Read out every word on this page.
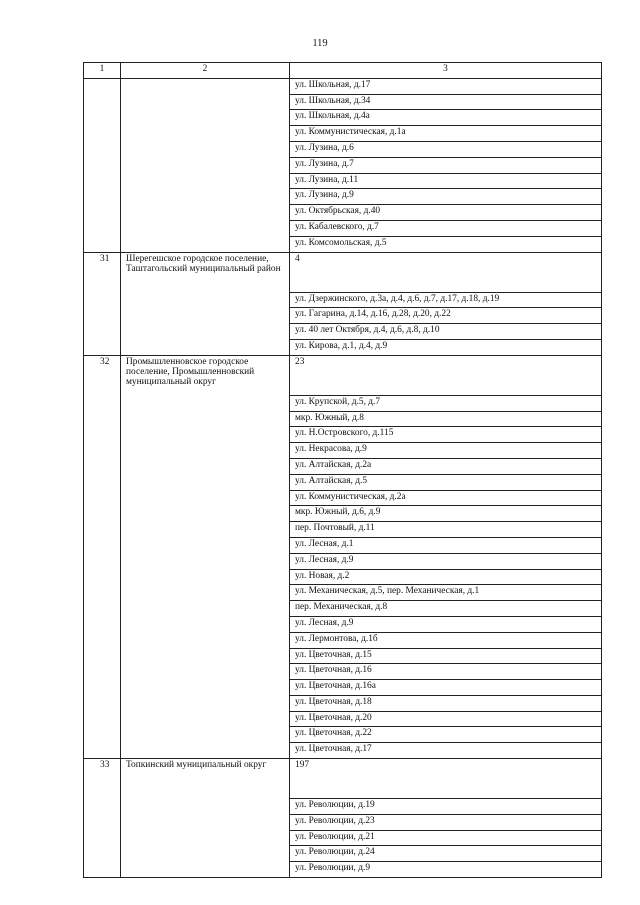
119
1	2	3
		ул. Школьная, д.17
		ул. Школьная, д.34
		ул. Школьная, д.4а
		ул. Коммунистическая, д.1а
		ул. Лузина, д.6
		ул. Лузина, д.7
		ул. Лузина, д.11
		ул. Лузина, д.9
		ул. Октябрьская, д.40
		ул. Кабалевского, д.7
		ул. Комсомольская, д.5
31	Шерегешское городское поселение, Таштагольский муниципальный район	4
		ул. Дзержинского, д.3а, д.4, д.6, д.7, д.17, д.18, д.19
		ул. Гагарина, д.14, д.16, д.28, д.20, д.22
		ул. 40 лет Октября, д.4, д.6, д.8, д.10
		ул. Кирова, д.1, д.4, д.9
32	Промышленновское городское поселение, Промышленновский муниципальный округ	23
		ул. Крупской, д.5, д.7
		мкр. Южный, д.8
		ул. Н.Островского, д.115
		ул. Некрасова, д.9
		ул. Алтайская, д.2а
		ул. Алтайская, д.5
		ул. Коммунистическая, д.2а
		мкр. Южный, д.6, д.9
		пер. Почтовый, д.11
		ул. Лесная, д.1
		ул. Лесная, д.9
		ул. Новая, д.2
		ул. Механическая, д.5, пер. Механическая, д.1
		пер. Механическая, д.8
		ул. Лесная, д.9
		ул. Лермонтова, д.1б
		ул. Цветочная, д.15
		ул. Цветочная, д.16
		ул. Цветочная, д.16а
		ул. Цветочная, д.18
		ул. Цветочная, д.20
		ул. Цветочная, д.22
		ул. Цветочная, д.17
33	Топкинский муниципальный округ	197
		ул. Революции, д.19
		ул. Революции, д.23
		ул. Революции, д.21
		ул. Революции, д.24
		ул. Революции, д.9
